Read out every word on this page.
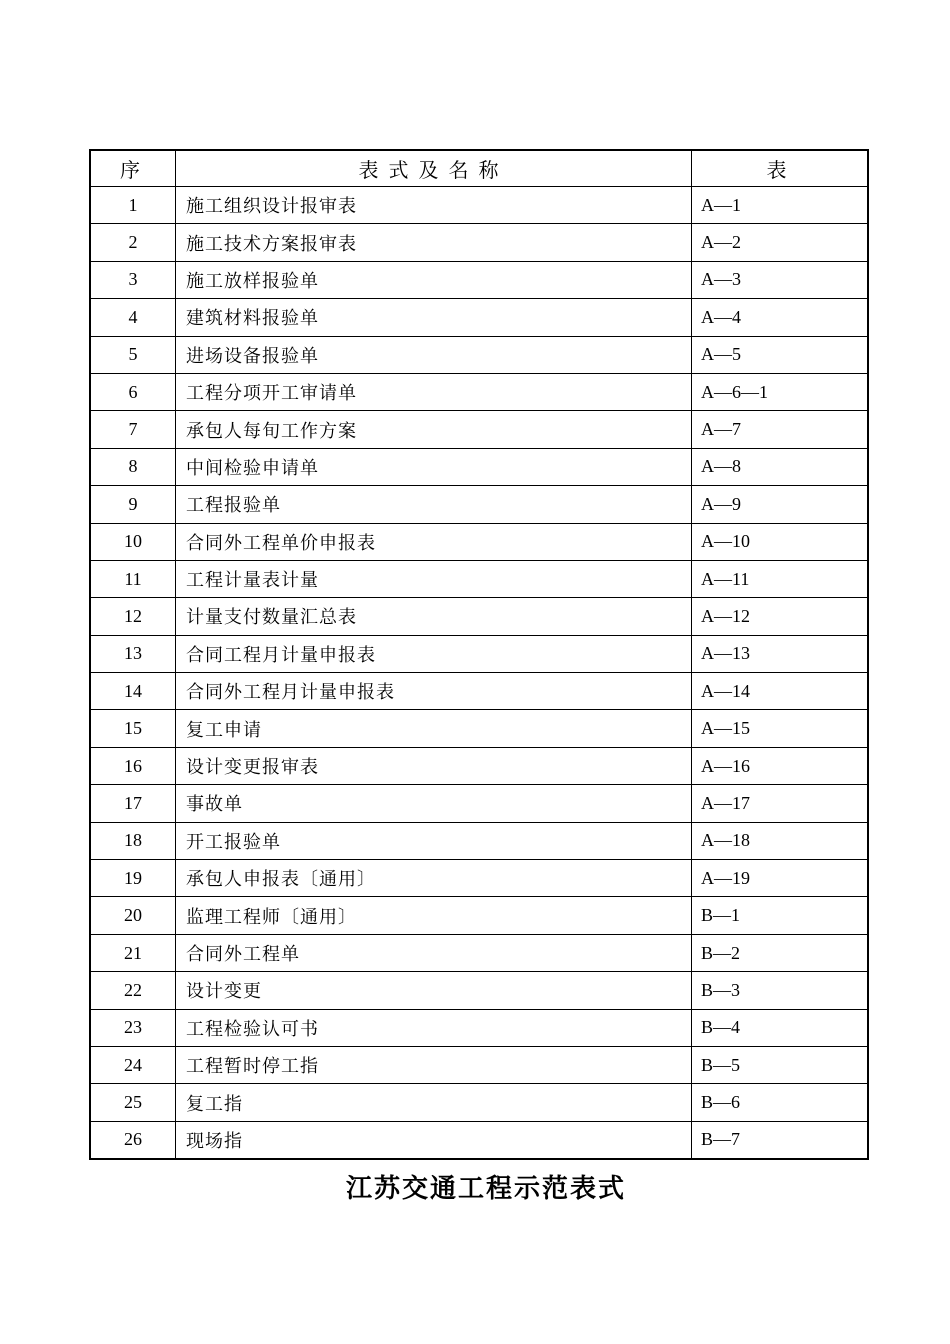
序	表式及名称	表
1	施工组织设计报审表	A—1
2	施工技术方案报审表	A—2
3	施工放样报验单	A—3
4	建筑材料报验单	A—4
5	进场设备报验单	A—5
6	工程分项开工审请单	A—6—1
7	承包人每旬工作方案	A—7
8	中间检验申请单	A—8
9	工程报验单	A—9
10	合同外工程单价申报表	A—10
11	工程计量表计量	A—11
12	计量支付数量汇总表	A—12
13	合同工程月计量申报表	A—13
14	合同外工程月计量申报表	A—14
15	复工申请	A—15
16	设计变更报审表	A—16
17	事故单	A—17
18	开工报验单	A—18
19	承包人申报表〔通用〕	A—19
20	监理工程师〔通用〕	B—1
21	合同外工程单	B—2
22	设计变更	B—3
23	工程检验认可书	B—4
24	工程暂时停工指	B—5
25	复工指	B—6
26	现场指	B—7
江苏交通工程示范表式
